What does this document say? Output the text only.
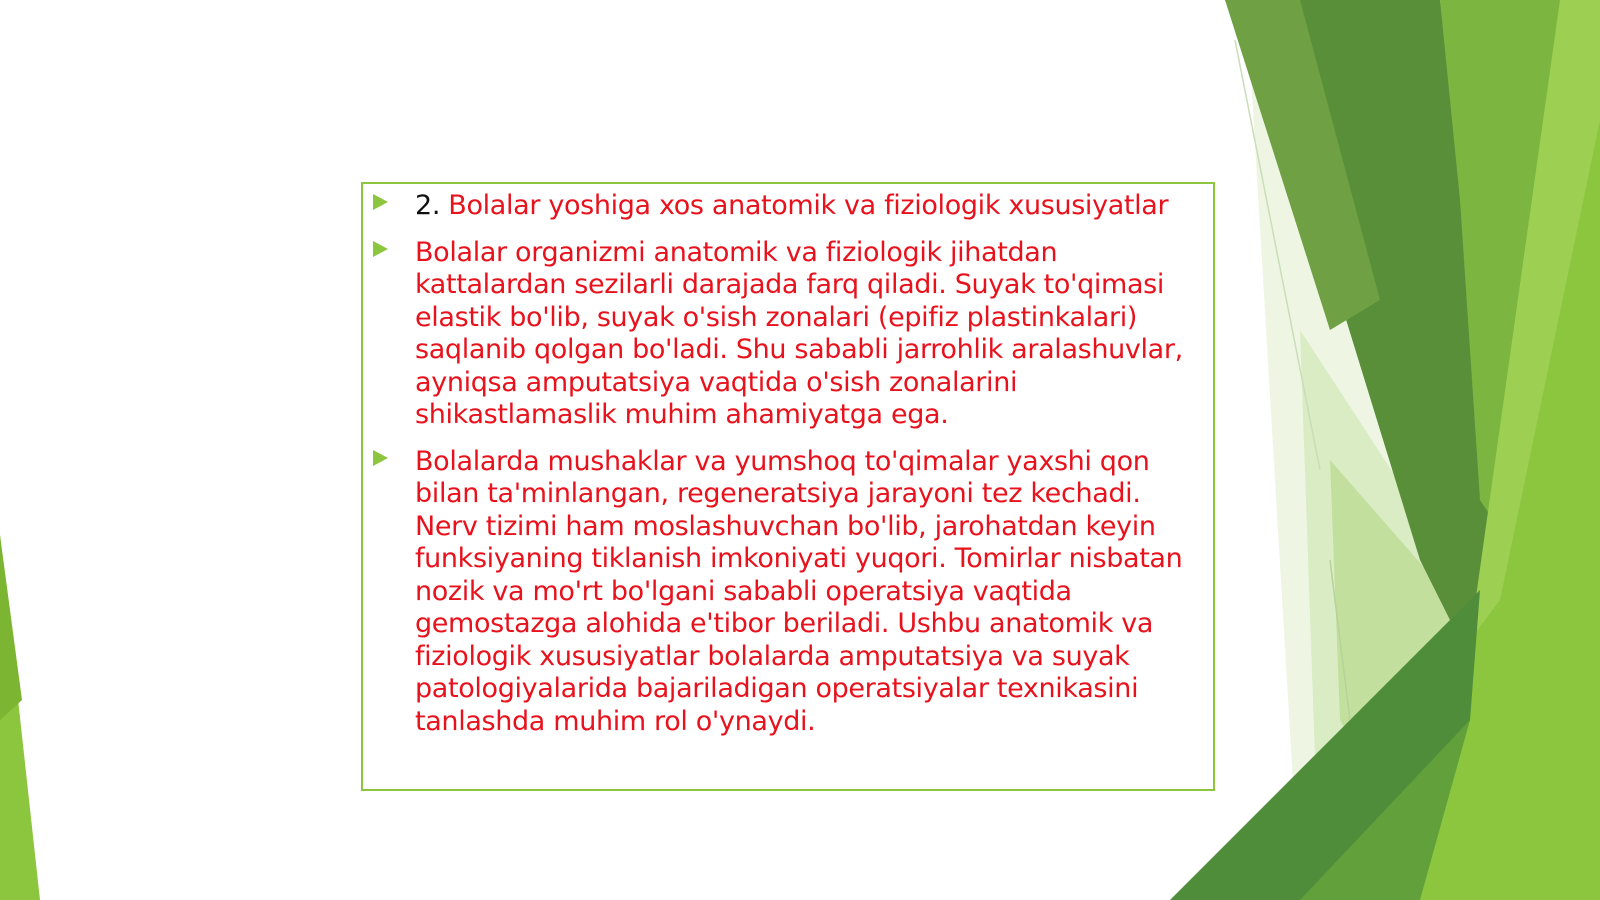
2. Bolalar yoshiga xos anatomik va fiziologik xususiyatlar
Bolalar organizmi anatomik va fiziologik jihatdan kattalardan sezilarli darajada farq qiladi. Suyak to'qimasi elastik bo'lib, suyak o'sish zonalari (epifiz plastinkalari) saqlanib qolgan bo'ladi. Shu sababli jarrohlik aralashuvlar, ayniqsa amputatsiya vaqtida o'sish zonalarini shikastlamaslik muhim ahamiyatga ega.
Bolalarda mushaklar va yumshoq to'qimalar yaxshi qon bilan ta'minlangan, regeneratsiya jarayoni tez kechadi. Nerv tizimi ham moslashuvchan bo'lib, jarohatdan keyin funksiyaning tiklanish imkoniyati yuqori. Tomirlar nisbatan nozik va mo'rt bo'lgani sababli operatsiya vaqtida gemostazga alohida e'tibor beriladi. Ushbu anatomik va fiziologik xususiyatlar bolalarda amputatsiya va suyak patologiyalarida bajariladigan operatsiyalar texnikasini tanlashda muhim rol o'ynaydi.
